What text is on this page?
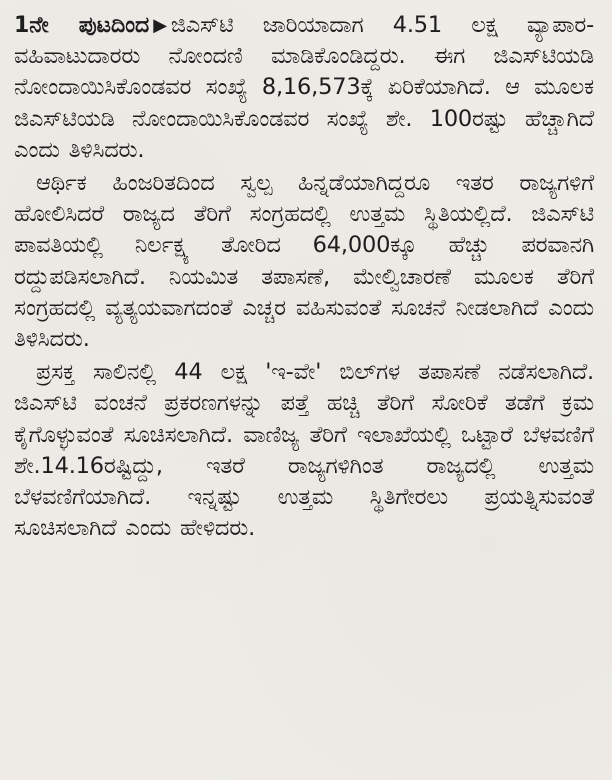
1ನೇ ಪುಟದಿಂದ ▶ ಜಿಎಸ್‌ಟಿ ಜಾರಿಯಾದಾಗ 4.51 ಲಕ್ಷ ವ್ಯಾಪಾರ- ವಹಿವಾಟುದಾರರು ನೋಂದಣಿ ಮಾಡಿಕೊಂಡಿದ್ದರು. ಈಗ ಜಿಎಸ್‌ಟಿಯಡಿ ನೋಂದಾಯಿಸಿಕೊಂಡವರ ಸಂಖ್ಯೆ 8,16,573ಕ್ಕೆ ಏರಿಕೆಯಾಗಿದೆ. ಆ ಮೂಲಕ ಜಿಎಸ್‌ಟಿಯಡಿ ನೋಂದಾಯಿಸಿಕೊಂಡವರ ಸಂಖ್ಯೆ ಶೇ. 100ರಷ್ಟು ಹೆಚ್ಚಾಗಿದೆ ಎಂದು ತಿಳಿಸಿದರು.

ಆರ್ಥಿಕ ಹಿಂಜರಿತದಿಂದ ಸ್ವಲ್ಪ ಹಿನ್ನಡೆಯಾಗಿದ್ದರೂ ಇತರ ರಾಜ್ಯಗಳಿಗೆ ಹೋಲಿಸಿದರೆ ರಾಜ್ಯದ ತೆರಿಗೆ ಸಂಗ್ರಹದಲ್ಲಿ ಉತ್ತಮ ಸ್ಥಿತಿಯಲ್ಲಿದೆ. ಜಿಎಸ್‌ಟಿ ಪಾವತಿಯಲ್ಲಿ ನಿರ್ಲಕ್ಷ್ಯ ತೋರಿದ 64,000ಕ್ಕೂ ಹೆಚ್ಚು ಪರವಾನಗಿ ರದ್ದುಪಡಿಸಲಾಗಿದೆ. ನಿಯಮಿತ ತಪಾಸಣೆ, ಮೇಲ್ವಿಚಾರಣೆ ಮೂಲಕ ತೆರಿಗೆ ಸಂಗ್ರಹದಲ್ಲಿ ವ್ಯತ್ಯಯವಾಗದಂತೆ ಎಚ್ಚರ ವಹಿಸುವಂತೆ ಸೂಚನೆ ನೀಡಲಾಗಿದೆ ಎಂದು ತಿಳಿಸಿದರು.

ಪ್ರಸಕ್ತ ಸಾಲಿನಲ್ಲಿ 44 ಲಕ್ಷ 'ಇ-ವೇ' ಬಿಲ್‌ಗಳ ತಪಾಸಣೆ ನಡೆಸಲಾಗಿದೆ. ಜಿಎಸ್‌ಟಿ ವಂಚನೆ ಪ್ರಕರಣಗಳನ್ನು ಪತ್ತೆ ಹಚ್ಚಿ ತೆರಿಗೆ ಸೋರಿಕೆ ತಡೆಗೆ ಕ್ರಮ ಕೈಗೊಳ್ಳುವಂತೆ ಸೂಚಿಸಲಾಗಿದೆ. ವಾಣಿಜ್ಯ ತೆರಿಗೆ ಇಲಾಖೆಯಲ್ಲಿ ಒಟ್ಟಾರೆ ಬೆಳವಣಿಗೆ ಶೇ.14.16ರಷ್ಟಿದ್ದು, ಇತರೆ ರಾಜ್ಯಗಳಿಗಿಂತ ರಾಜ್ಯದಲ್ಲಿ ಉತ್ತಮ ಬೆಳವಣಿಗೆಯಾಗಿದೆ. ಇನ್ನಷ್ಟು ಉತ್ತಮ ಸ್ಥಿತಿಗೇರಲು ಪ್ರಯತ್ನಿಸುವಂತೆ ಸೂಚಿಸಲಾಗಿದೆ ಎಂದು ಹೇಳಿದರು.
